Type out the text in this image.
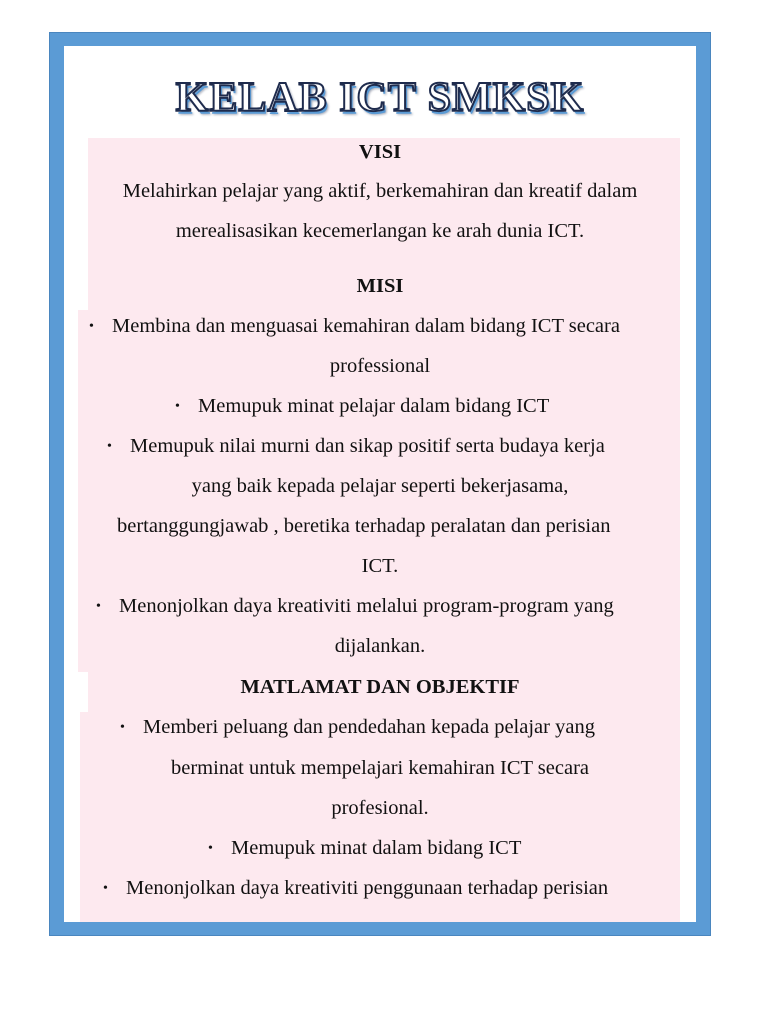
KELAB ICT SMKSK
VISI
Melahirkan pelajar yang aktif, berkemahiran dan kreatif dalam
merealisasikan kecemerlangan ke arah dunia ICT.
MISI
• Membina dan menguasai kemahiran dalam bidang ICT secara
professional
• Memupuk minat pelajar dalam bidang ICT
• Memupuk nilai murni dan sikap positif serta budaya kerja
yang baik kepada pelajar seperti bekerjasama,
bertanggungjawab , beretika terhadap peralatan dan perisian
ICT.
• Menonjolkan daya kreativiti melalui program-program yang
dijalankan.
MATLAMAT DAN OBJEKTIF
• Memberi peluang dan pendedahan kepada pelajar yang
berminat untuk mempelajari kemahiran ICT secara
profesional.
• Memupuk minat dalam bidang ICT
• Menonjolkan daya kreativiti penggunaan terhadap perisian
